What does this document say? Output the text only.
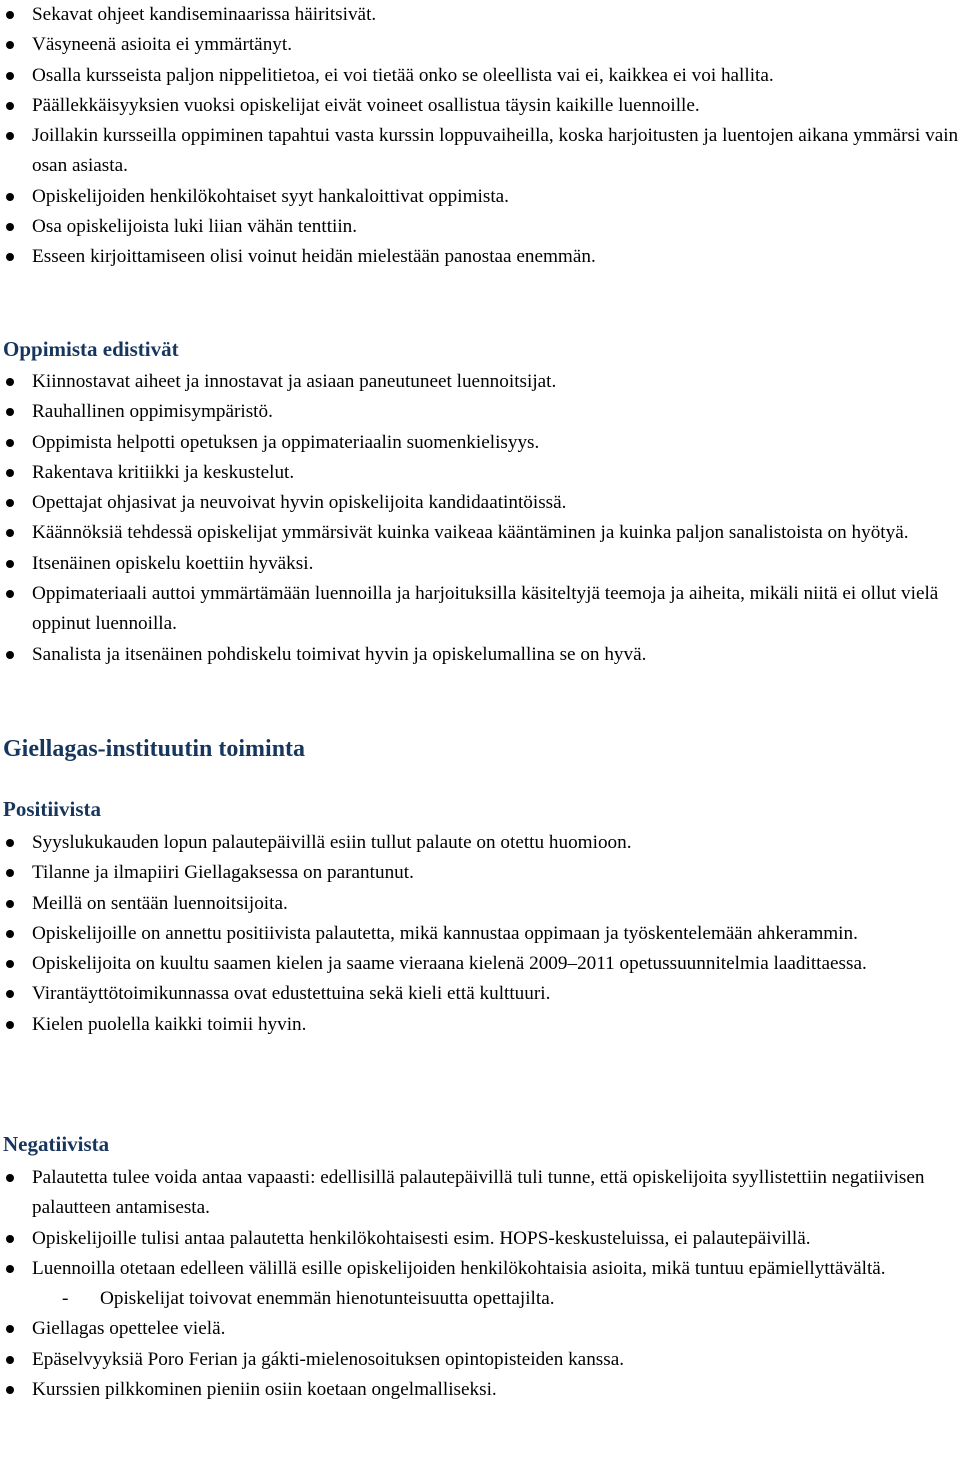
Sekavat ohjeet kandiseminaarissa häiritsivät.
Väsyneenä asioita ei ymmärtänyt.
Osalla kursseista paljon nippelitietoa, ei voi tietää onko se oleellista vai ei, kaikkea ei voi hallita.
Päällekkäisyyksien vuoksi opiskelijat eivät voineet osallistua täysin kaikille luennoille.
Joillakin kursseilla oppiminen tapahtui vasta kurssin loppuvaiheilla, koska harjoitusten ja luentojen aikana ymmärsi vain osan asiasta.
Opiskelijoiden henkilökohtaiset syyt hankaloittivat oppimista.
Osa opiskelijoista luki liian vähän tenttiin.
Esseen kirjoittamiseen olisi voinut heidän mielestään panostaa enemmän.
Oppimista edistivät
Kiinnostavat aiheet ja innostavat ja asiaan paneutuneet luennoitsijat.
Rauhallinen oppimisympäristö.
Oppimista helpotti opetuksen ja oppimateriaalin suomenkielisyys.
Rakentava kritiikki ja keskustelut.
Opettajat ohjasivat ja neuvoivat hyvin opiskelijoita kandidaatintöissä.
Käännöksiä tehdessä opiskelijat ymmärsivät kuinka vaikeaa kääntäminen ja kuinka paljon sanalistoista on hyötyä.
Itsenäinen opiskelu koettiin hyväksi.
Oppimateriaali auttoi ymmärtämään luennoilla ja harjoituksilla käsiteltyjä teemoja ja aiheita, mikäli niitä ei ollut vielä oppinut luennoilla.
Sanalista ja itsenäinen pohdiskelu toimivat hyvin ja opiskelumallina se on hyvä.
Giellagas-instituutin toiminta
Positiivista
Syyslukukauden lopun palautepäivillä esiin tullut palaute on otettu huomioon.
Tilanne ja ilmapiiri Giellagaksessa on parantunut.
Meillä on sentään luennoitsijoita.
Opiskelijoille on annettu positiivista palautetta, mikä kannustaa oppimaan ja työskentelemään ahkerammin.
Opiskelijoita on kuultu saamen kielen ja saame vieraana kielenä 2009–2011 opetussuunnitelmia laadittaessa.
Virantäyttötoimikunnassa ovat edustettuina sekä kieli että kulttuuri.
Kielen puolella kaikki toimii hyvin.
Negatiivista
Palautetta tulee voida antaa vapaasti: edellisillä palautepäivillä tuli tunne, että opiskelijoita syyllistettiin negatiivisen palautteen antamisesta.
Opiskelijoille tulisi antaa palautetta henkilökohtaisesti esim. HOPS-keskusteluissa, ei palautepäivillä.
Luennoilla otetaan edelleen välillä esille opiskelijoiden henkilökohtaisia asioita, mikä tuntuu epämiellyttävältä.
- Opiskelijat toivovat enemmän hienotunteisuutta opettajilta.
Giellagas opettelee vielä.
Epäselvyyksiä Poro Ferian ja gákti-mielenosoituksen opintopisteiden kanssa.
Kurssien pilkkominen pieniin osiin koetaan ongelmalliseksi.
